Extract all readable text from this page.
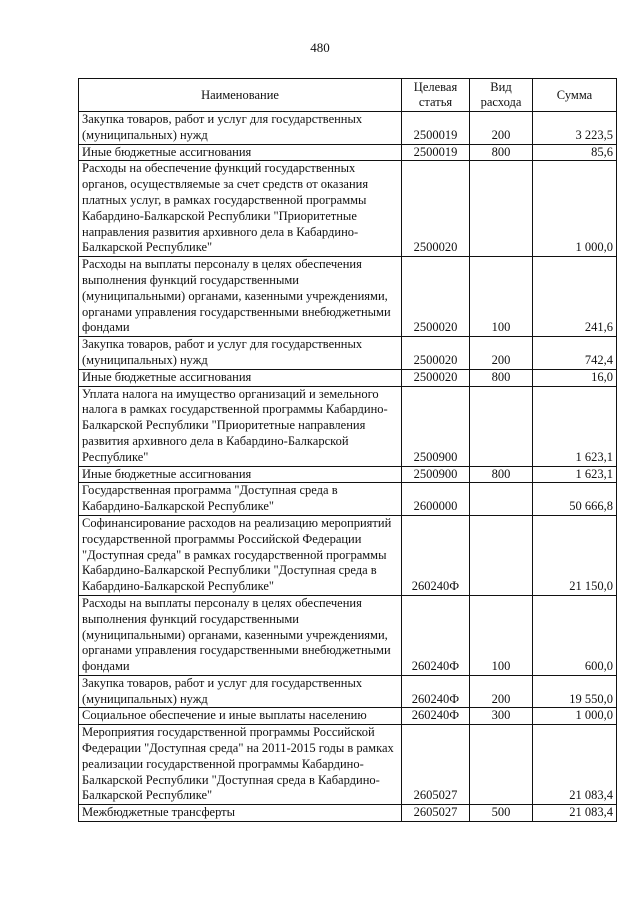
480
Наименование	Целевая статья	Вид расхода	Сумма
Закупка товаров, работ и услуг для государственных (муниципальных) нужд	2500019	200	3 223,5
Иные бюджетные ассигнования	2500019	800	85,6
Расходы на обеспечение функций государственных органов, осуществляемые за счет средств от оказания платных услуг, в рамках государственной программы Кабардино-Балкарской Республики "Приоритетные направления развития архивного дела в Кабардино-Балкарской Республике"	2500020		1 000,0
Расходы на выплаты персоналу в целях обеспечения выполнения функций государственными (муниципальными) органами, казенными учреждениями, органами управления государственными внебюджетными фондами	2500020	100	241,6
Закупка товаров, работ и услуг для государственных (муниципальных) нужд	2500020	200	742,4
Иные бюджетные ассигнования	2500020	800	16,0
Уплата налога на имущество организаций и земельного налога в рамках государственной программы Кабардино-Балкарской Республики "Приоритетные направления развития архивного дела в Кабардино-Балкарской Республике"	2500900		1 623,1
Иные бюджетные ассигнования	2500900	800	1 623,1
Государственная программа "Доступная среда в Кабардино-Балкарской Республике"	2600000		50 666,8
Софинансирование расходов на реализацию мероприятий государственной программы Российской Федерации "Доступная среда" в рамках государственной программы Кабардино-Балкарской Республики "Доступная среда в Кабардино-Балкарской Республике"	260240Ф		21 150,0
Расходы на выплаты персоналу в целях обеспечения выполнения функций государственными (муниципальными) органами, казенными учреждениями, органами управления государственными внебюджетными фондами	260240Ф	100	600,0
Закупка товаров, работ и услуг для государственных (муниципальных) нужд	260240Ф	200	19 550,0
Социальное обеспечение и иные выплаты населению	260240Ф	300	1 000,0
Мероприятия государственной программы Российской Федерации "Доступная среда" на 2011-2015 годы в рамках реализации государственной программы Кабардино-Балкарской Республики "Доступная среда в Кабардино-Балкарской Республике"	2605027		21 083,4
Межбюджетные трансферты	2605027	500	21 083,4
